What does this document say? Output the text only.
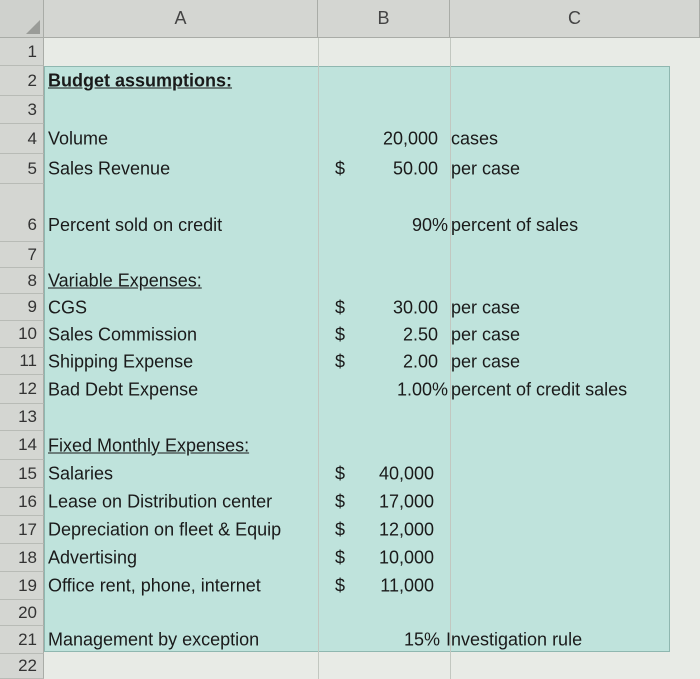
A	B	C
1
2 Budget assumptions:
3
4 Volume	20,000 cases
5 Sales Revenue	$	50.00 per case
6 Percent sold on credit	90% percent of sales
7
8 Variable Expenses:
9 CGS	$	30.00 per case
10 Sales Commission	$	2.50 per case
11 Shipping Expense	$	2.00 per case
12 Bad Debt Expense	1.00% percent of credit sales
13
14 Fixed Monthly Expenses:
15 Salaries	$ 40,000
16 Lease on Distribution center	$ 17,000
17 Depreciation on fleet & Equip	$ 12,000
18 Advertising	$ 10,000
19 Office rent, phone, internet	$ 11,000
20
21 Management by exception	15% Investigation rule
22
